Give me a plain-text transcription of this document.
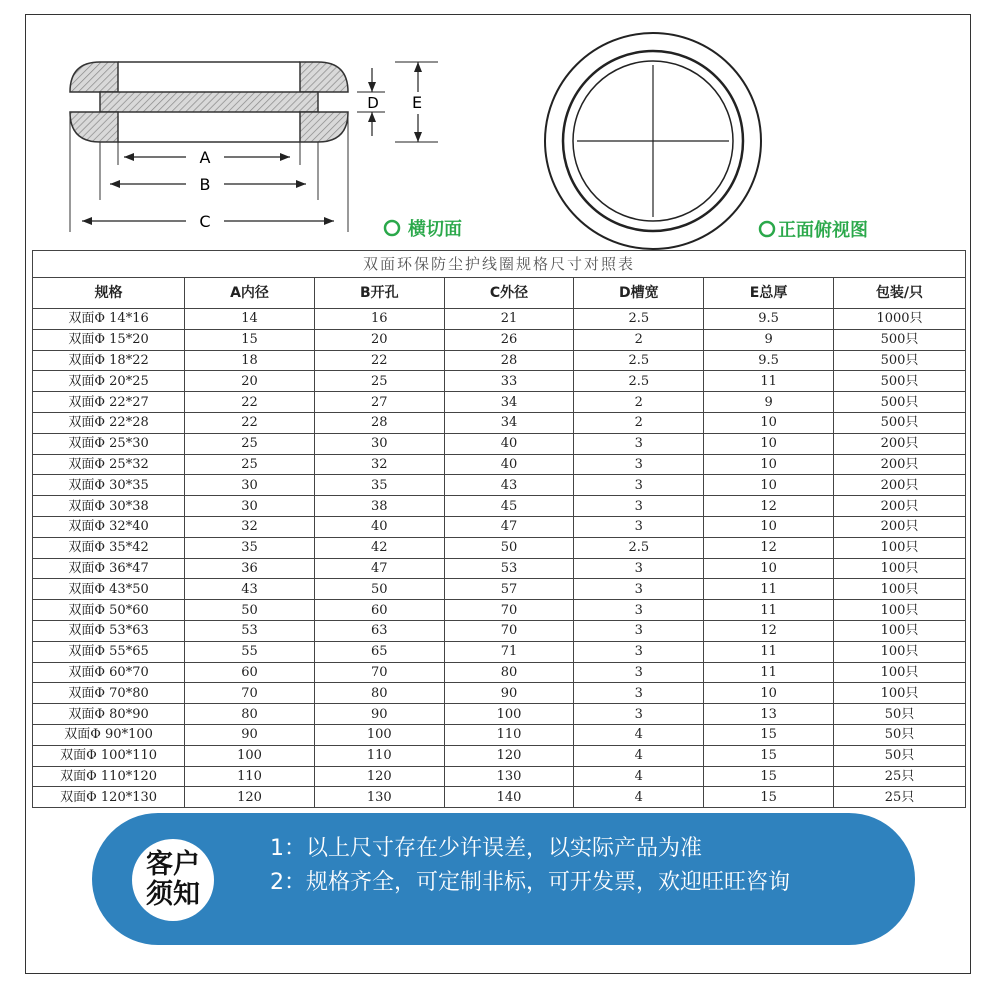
A
B
C
D E
横切面	正面俯视图
双面环保防尘护线圈规格尺寸对照表						
规格	A内径	B开孔	C外径	D槽宽	E总厚	包装/只
双面Φ 14*16	14	16	21	2.5	9.5	1000只
双面Φ 15*20	15	20	26	2	9	500只
双面Φ 18*22	18	22	28	2.5	9.5	500只
双面Φ 20*25	20	25	33	2.5	11	500只
双面Φ 22*27	22	27	34	2	9	500只
双面Φ 22*28	22	28	34	2	10	500只
双面Φ 25*30	25	30	40	3	10	200只
双面Φ 25*32	25	32	40	3	10	200只
双面Φ 30*35	30	35	43	3	10	200只
双面Φ 30*38	30	38	45	3	12	200只
双面Φ 32*40	32	40	47	3	10	200只
双面Φ 35*42	35	42	50	2.5	12	100只
双面Φ 36*47	36	47	53	3	10	100只
双面Φ 43*50	43	50	57	3	11	100只
双面Φ 50*60	50	60	70	3	11	100只
双面Φ 53*63	53	63	70	3	12	100只
双面Φ 55*65	55	65	71	3	11	100只
双面Φ 60*70	60	70	80	3	11	100只
双面Φ 70*80	70	80	90	3	10	100只
双面Φ 80*90	80	90	100	3	13	50只
双面Φ 90*100	90	100	110	4	15	50只
双面Φ 100*110	100	110	120	4	15	50只
双面Φ 110*120	110	120	130	4	15	25只
双面Φ 120*130	120	130	140	4	15	25只
客户
须知

1：以上尺寸存在少许误差，以实际产品为准

2：规格齐全，可定制非标，可开发票，欢迎旺旺咨询
